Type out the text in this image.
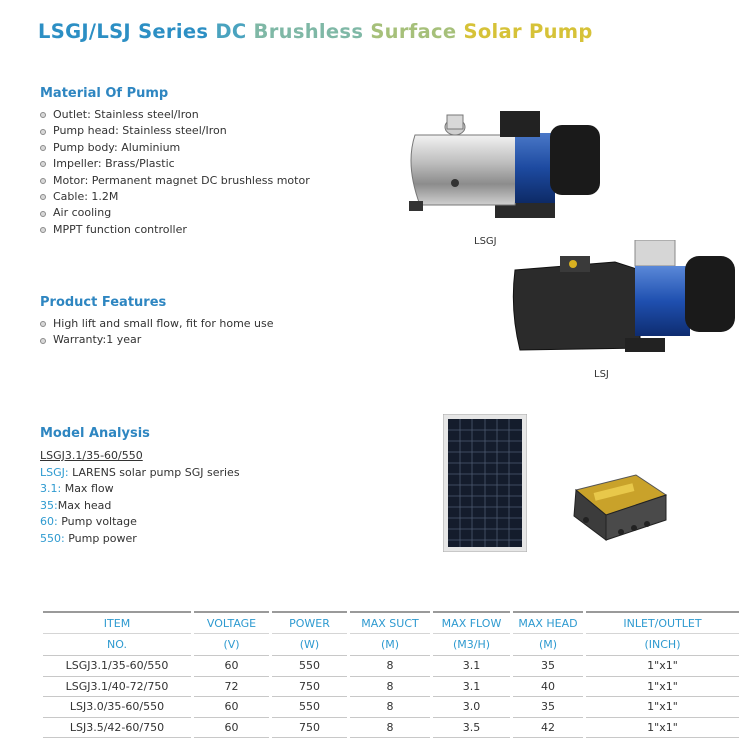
LSGJ/LSJ Series DC Brushless Surface Solar Pump
Material Of Pump
Outlet: Stainless steel/Iron
Pump head: Stainless steel/Iron
Pump body: Aluminium
Impeller: Brass/Plastic
Motor: Permanent magnet DC brushless motor
Cable: 1.2M
Air cooling
MPPT function controller
Product Features
High lift and small flow, fit for home use
Warranty:1 year
Model Analysis
LSGJ3.1/35-60/550
LSGJ: LARENS solar pump SGJ series
3.1: Max flow
35:Max head
60: Pump voltage
550: Pump power
LSGJ
LSJ
ITEM	VOLTAGE	POWER	MAX SUCT	MAX FLOW	MAX HEAD	INLET/OUTLET
NO.	(V)	(W)	(M)	(M3/H)	(M)	(INCH)
LSGJ3.1/35-60/550	60	550	8	3.1	35	1"x1"
LSGJ3.1/40-72/750	72	750	8	3.1	40	1"x1"
LSJ3.0/35-60/550	60	550	8	3.0	35	1"x1"
LSJ3.5/42-60/750	60	750	8	3.5	42	1"x1"
